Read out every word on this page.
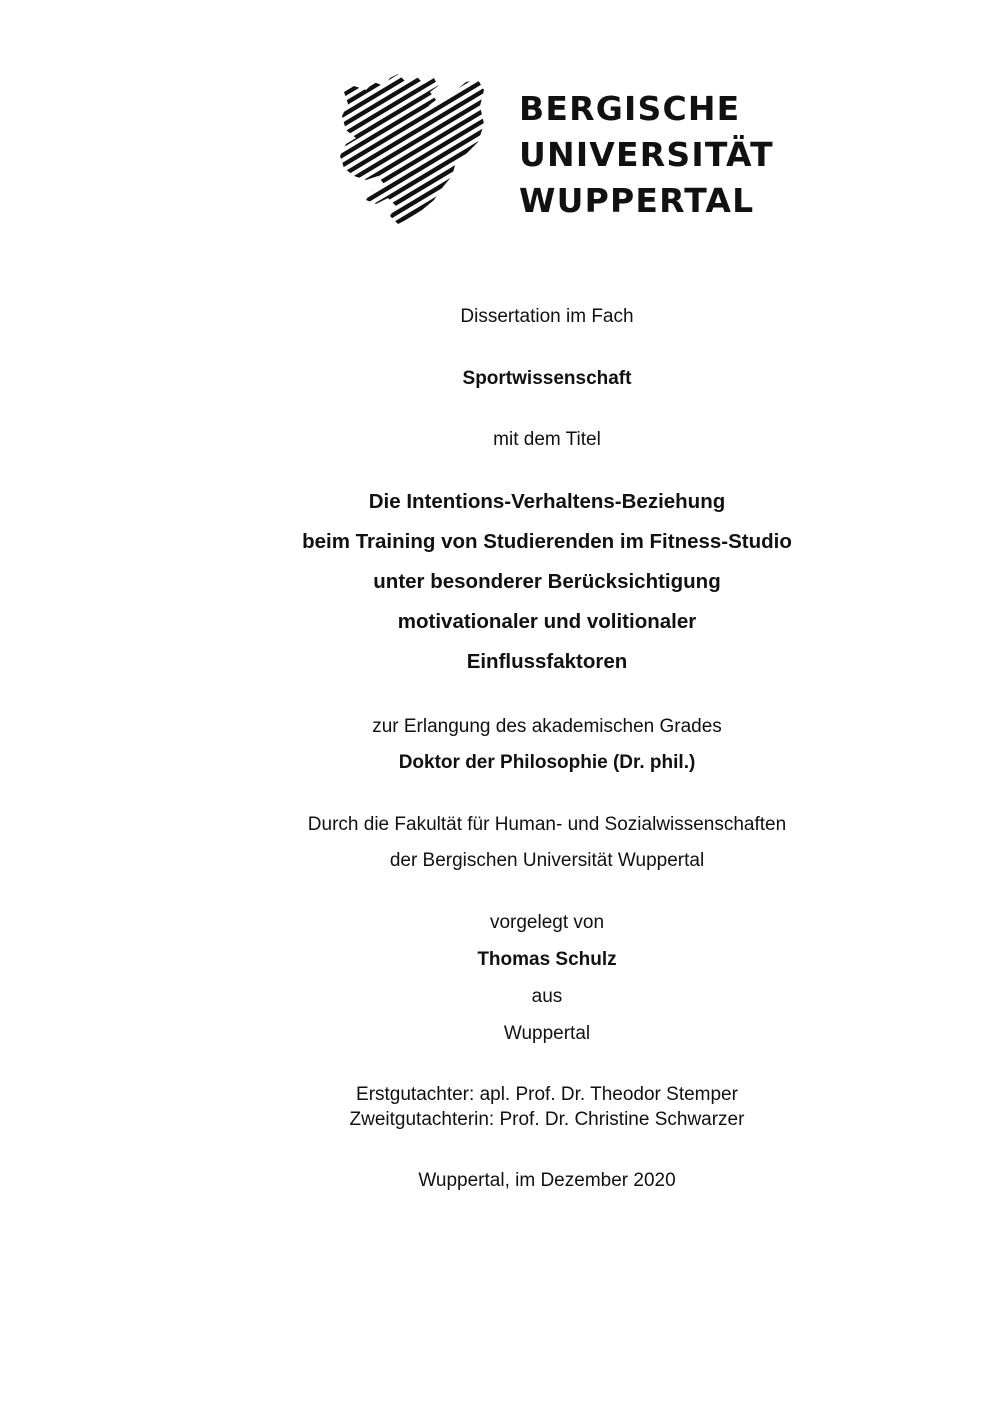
BERGISCHE
UNIVERSITÄT
WUPPERTAL
Dissertation im Fach
Sportwissenschaft
mit dem Titel
Die Intentions-Verhaltens-Beziehung
beim Training von Studierenden im Fitness-Studio
unter besonderer Berücksichtigung
motivationaler und volitionaler
Einflussfaktoren
zur Erlangung des akademischen Grades
Doktor der Philosophie (Dr. phil.)
Durch die Fakultät für Human- und Sozialwissenschaften
der Bergischen Universität Wuppertal
vorgelegt von
Thomas Schulz
aus
Wuppertal
Erstgutachter: apl. Prof. Dr. Theodor Stemper
Zweitgutachterin: Prof. Dr. Christine Schwarzer
Wuppertal, im Dezember 2020
